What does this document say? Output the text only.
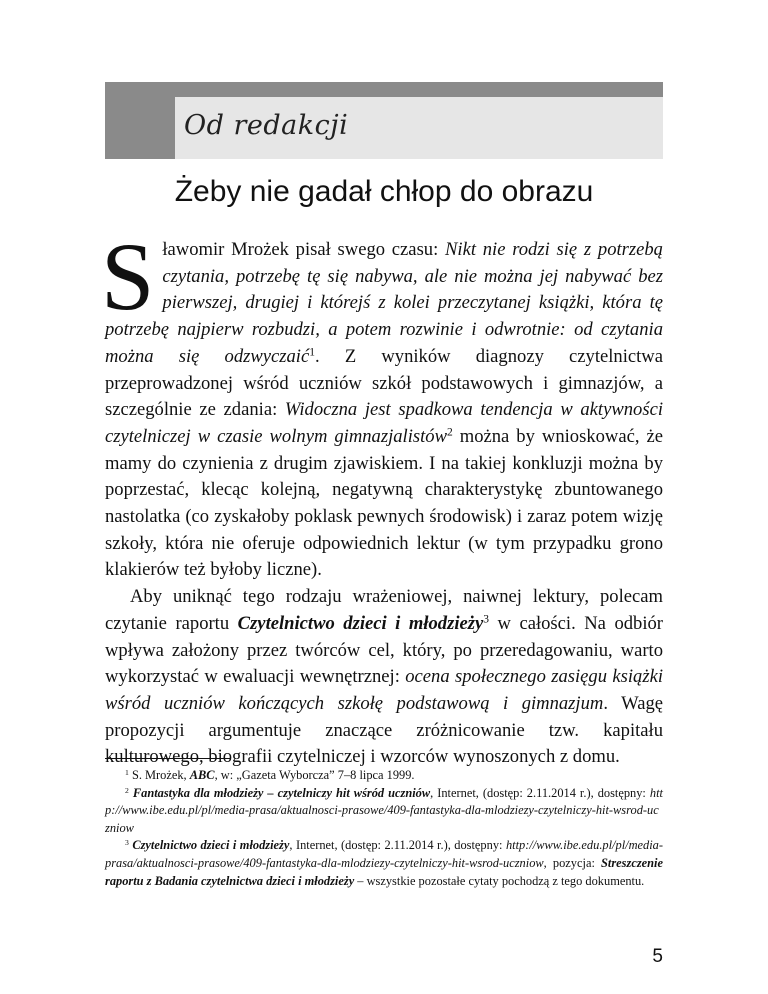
Od redakcji
Żeby nie gadał chłop do obrazu

Sławomir Mrożek pisał swego czasu: Nikt nie rodzi się z potrzebą czytania, potrzebę tę się nabywa, ale nie można jej nabywać bez pierwszej, drugiej i którejś z kolei przeczytanej książki, która tę potrzebę najpierw rozbudzi, a potem rozwinie i odwrotnie: od czytania można się odzwyczaić$^1$. Z wyników diagnozy czytelnictwa przeprowadzonej wśród uczniów szkół podstawowych i gimnazjów, a szczególnie ze zdania: Widoczna jest spadkowa tendencja w aktywności czytelniczej w czasie wolnym gimnazjalistów$^2$ można by wnioskować, że mamy do czynienia z drugim zjawiskiem. I na takiej konkluzji można by poprzestać, klecąc kolejną, negatywną charakterystykę zbuntowanego nastolatka (co zyskałoby poklask pewnych środowisk) i zaraz potem wizję szkoły, która nie oferuje odpowiednich lektur (w tym przypadku grono klakierów też byłoby liczne).

Aby uniknąć tego rodzaju wrażeniowej, naiwnej lektury, polecam czytanie raportu Czytelnictwo dzieci i młodzieży$^3$ w całości. Na odbiór wpływa założony przez twórców cel, który, po przeredagowaniu, warto wykorzystać w ewaluacji wewnętrznej: ocena społecznego zasięgu książki wśród uczniów kończących szkołę podstawową i gimnazjum. Wagę propozycji argumentuje znaczące zróżnicowanie tzw. kapitału kulturowego, biografii czytelniczej i wzorców wynoszonych z domu.

$^1$ S. Mrożek, ABC, w: „Gazeta Wyborcza” 7–8 lipca 1999.

$^2$ Fantastyka dla młodzieży – czytelniczy hit wśród uczniów, Internet, (dostęp: 2.11.2014 r.), dostępny: http://www.ibe.edu.pl/pl/media-prasa/aktualnosci-prasowe/409-fantastyka-dla-mlodziezy-czytelniczy-hit-wsrod-uczniow

$^3$ Czytelnictwo dzieci i młodzieży, Internet, (dostęp: 2.11.2014 r.), dostępny: http://www.ibe.edu.pl/pl/media-prasa/aktualnosci-prasowe/409-fantastyka-dla-mlodziezy-czytelniczy-hit-wsrod-uczniow, pozycja: Streszczenie raportu z Badania czytelnictwa dzieci i młodzieży – wszystkie pozostałe cytaty pochodzą z tego dokumentu.

5
